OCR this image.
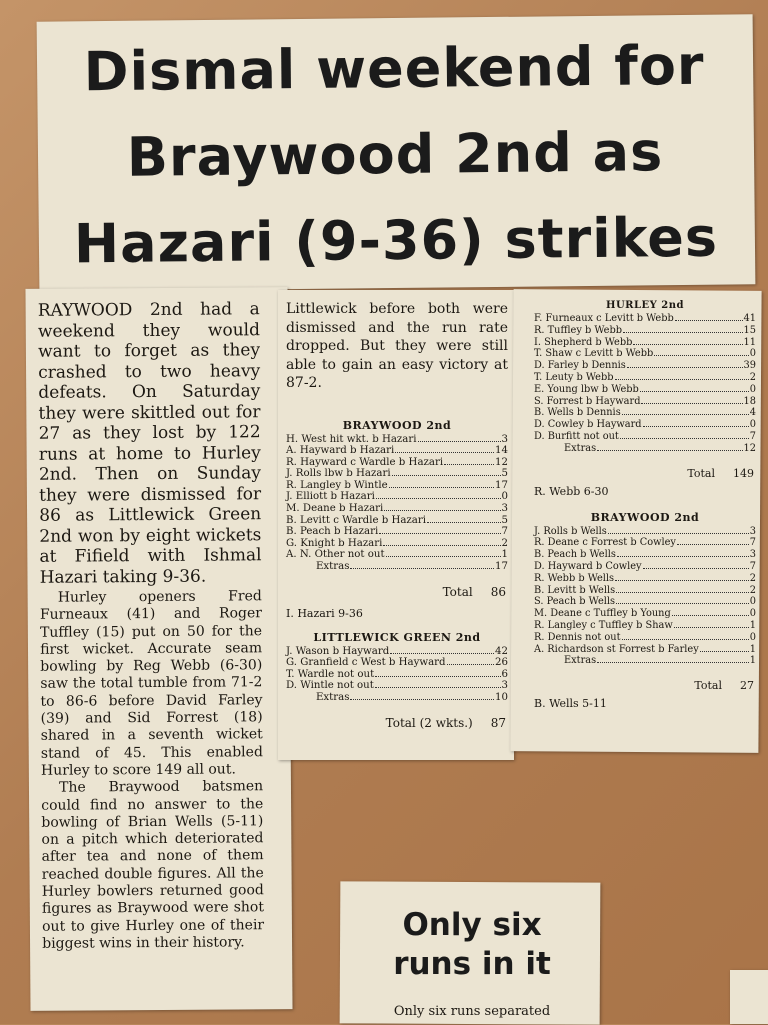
Dismal weekend for
Braywood 2nd as
Hazari (9-36) strikes

RAYWOOD 2nd had a weekend they would want to forget as they crashed to two heavy defeats. On Saturday they were skittled out for 27 as they lost by 122 runs at home to Hurley 2nd. Then on Sunday they were dismissed for 86 as Littlewick Green 2nd won by eight wickets at Fifield with Ishmal Hazari taking 9-36.

Hurley openers Fred Furneaux (41) and Roger Tuffley (15) put on 50 for the first wicket. Accurate seam bowling by Reg Webb (6-30) saw the total tumble from 71-2 to 86-6 before David Farley (39) and Sid Forrest (18) shared in a seventh wicket stand of 45. This enabled Hurley to score 149 all out.

The Braywood batsmen could find no answer to the bowling of Brian Wells (5-11) on a pitch which deteriorated after tea and none of them reached double figures. All the Hurley bowlers returned good figures as Braywood were shot out to give Hurley one of their biggest wins in their history.

Littlewick before both were dismissed and the run rate dropped. But they were still able to gain an easy victory at 87-2.

BRAYWOOD 2nd
H. West hit wkt. b Hazari	3
A. Hayward b Hazari	14
R. Hayward c Wardle b Hazari	12
J. Rolls lbw b Hazari	5
R. Langley b Wintle	17
J. Elliott b Hazari	0
M. Deane b Hazari	3
B. Levitt c Wardle b Hazari	5
B. Peach b Hazari	7
G. Knight b Hazari	2
A. N. Other not out	1
Extras	17
Total 86
I. Hazari 9-36
LITTLEWICK GREEN 2nd
J. Wason b Hayward	42
G. Granfield c West b Hayward	26
T. Wardle not out	6
D. Wintle not out	3
Extras	10
Total (2 wkts.) 87
HURLEY 2nd
F. Furneaux c Levitt b Webb	41
R. Tuffley b Webb	15
I. Shepherd b Webb	11
T. Shaw c Levitt b Webb	0
D. Farley b Dennis	39
T. Leuty b Webb	2
E. Young lbw b Webb	0
S. Forrest b Hayward	18
B. Wells b Dennis	4
D. Cowley b Hayward	0
D. Burfitt not out	7
Extras	12
Total 149
R. Webb 6-30
BRAYWOOD 2nd
J. Rolls b Wells	3
R. Deane c Forrest b Cowley	7
B. Peach b Wells	3
D. Hayward b Cowley	7
R. Webb b Wells	2
B. Levitt b Wells	2
S. Peach b Wells	0
M. Deane c Tuffley b Young	0
R. Langley c Tuffley b Shaw	1
R. Dennis not out	0
A. Richardson st Forrest b Farley	1
Extras	1
Total 27
B. Wells 5-11
Only six
runs in it
Only six runs separated
